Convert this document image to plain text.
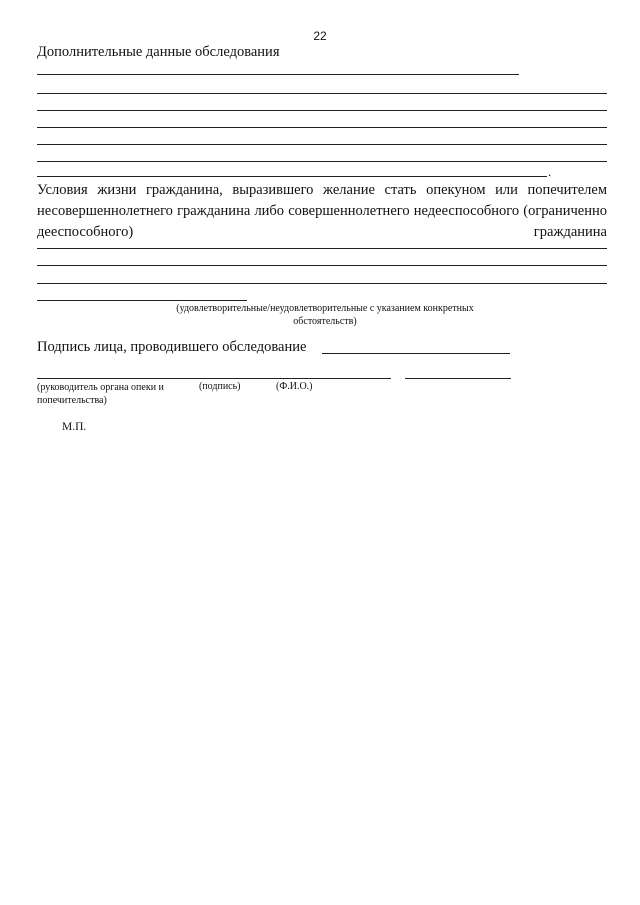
22
Дополнительные данные обследования
.
Условия жизни гражданина, выразившего желание стать опекуном или попечителем несовершеннолетнего гражданина либо совершеннолетнего недееспособного (ограниченно дееспособного) гражданина
(удовлетворительные/неудовлетворительные с указанием конкретных обстоятельств)
Подпись лица, проводившего обследование
(руководитель органа опеки и попечительства)
(подпись)	(Ф.И.О.)
М.П.
